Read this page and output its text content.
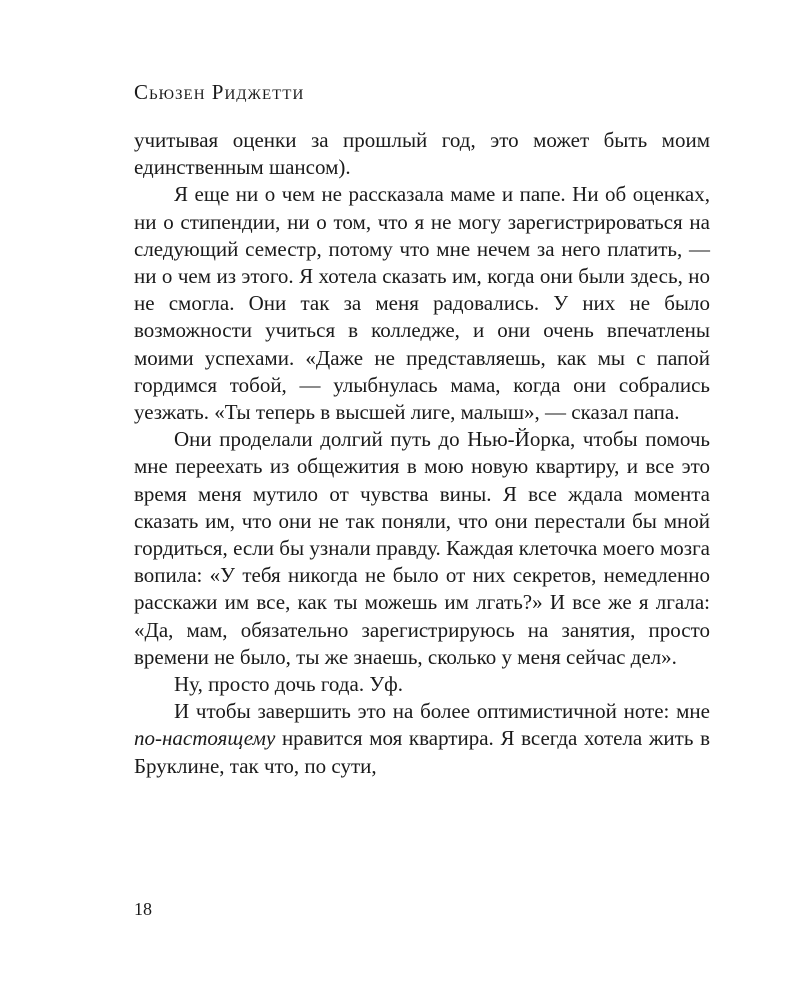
Сьюзен Риджетти

учитывая оценки за прошлый год, это может быть моим единственным шансом).

Я еще ни о чем не рассказала маме и папе. Ни об оценках, ни о стипендии, ни о том, что я не могу зарегистрироваться на следующий семестр, потому что мне нечем за него платить, — ни о чем из этого. Я хотела сказать им, когда они были здесь, но не смогла. Они так за меня радовались. У них не было возможности учиться в колледже, и они очень впечатлены моими успехами. «Даже не представляешь, как мы с папой гордимся тобой, — улыбнулась мама, когда они собрались уезжать. «Ты теперь в высшей лиге, малыш», — сказал папа.

Они проделали долгий путь до Нью-Йорка, чтобы помочь мне переехать из общежития в мою новую квартиру, и все это время меня мутило от чувства вины. Я все ждала момента сказать им, что они не так поняли, что они перестали бы мной гордиться, если бы узнали правду. Каждая клеточка моего мозга вопила: «У тебя никогда не было от них секретов, немедленно расскажи им все, как ты можешь им лгать?» И все же я лгала: «Да, мам, обязательно зарегистрируюсь на занятия, просто времени не было, ты же знаешь, сколько у меня сейчас дел».

Ну, просто дочь года. Уф.

И чтобы завершить это на более оптимистичной ноте: мне по-настоящему нравится моя квартира. Я всегда хотела жить в Бруклине, так что, по сути,

18
